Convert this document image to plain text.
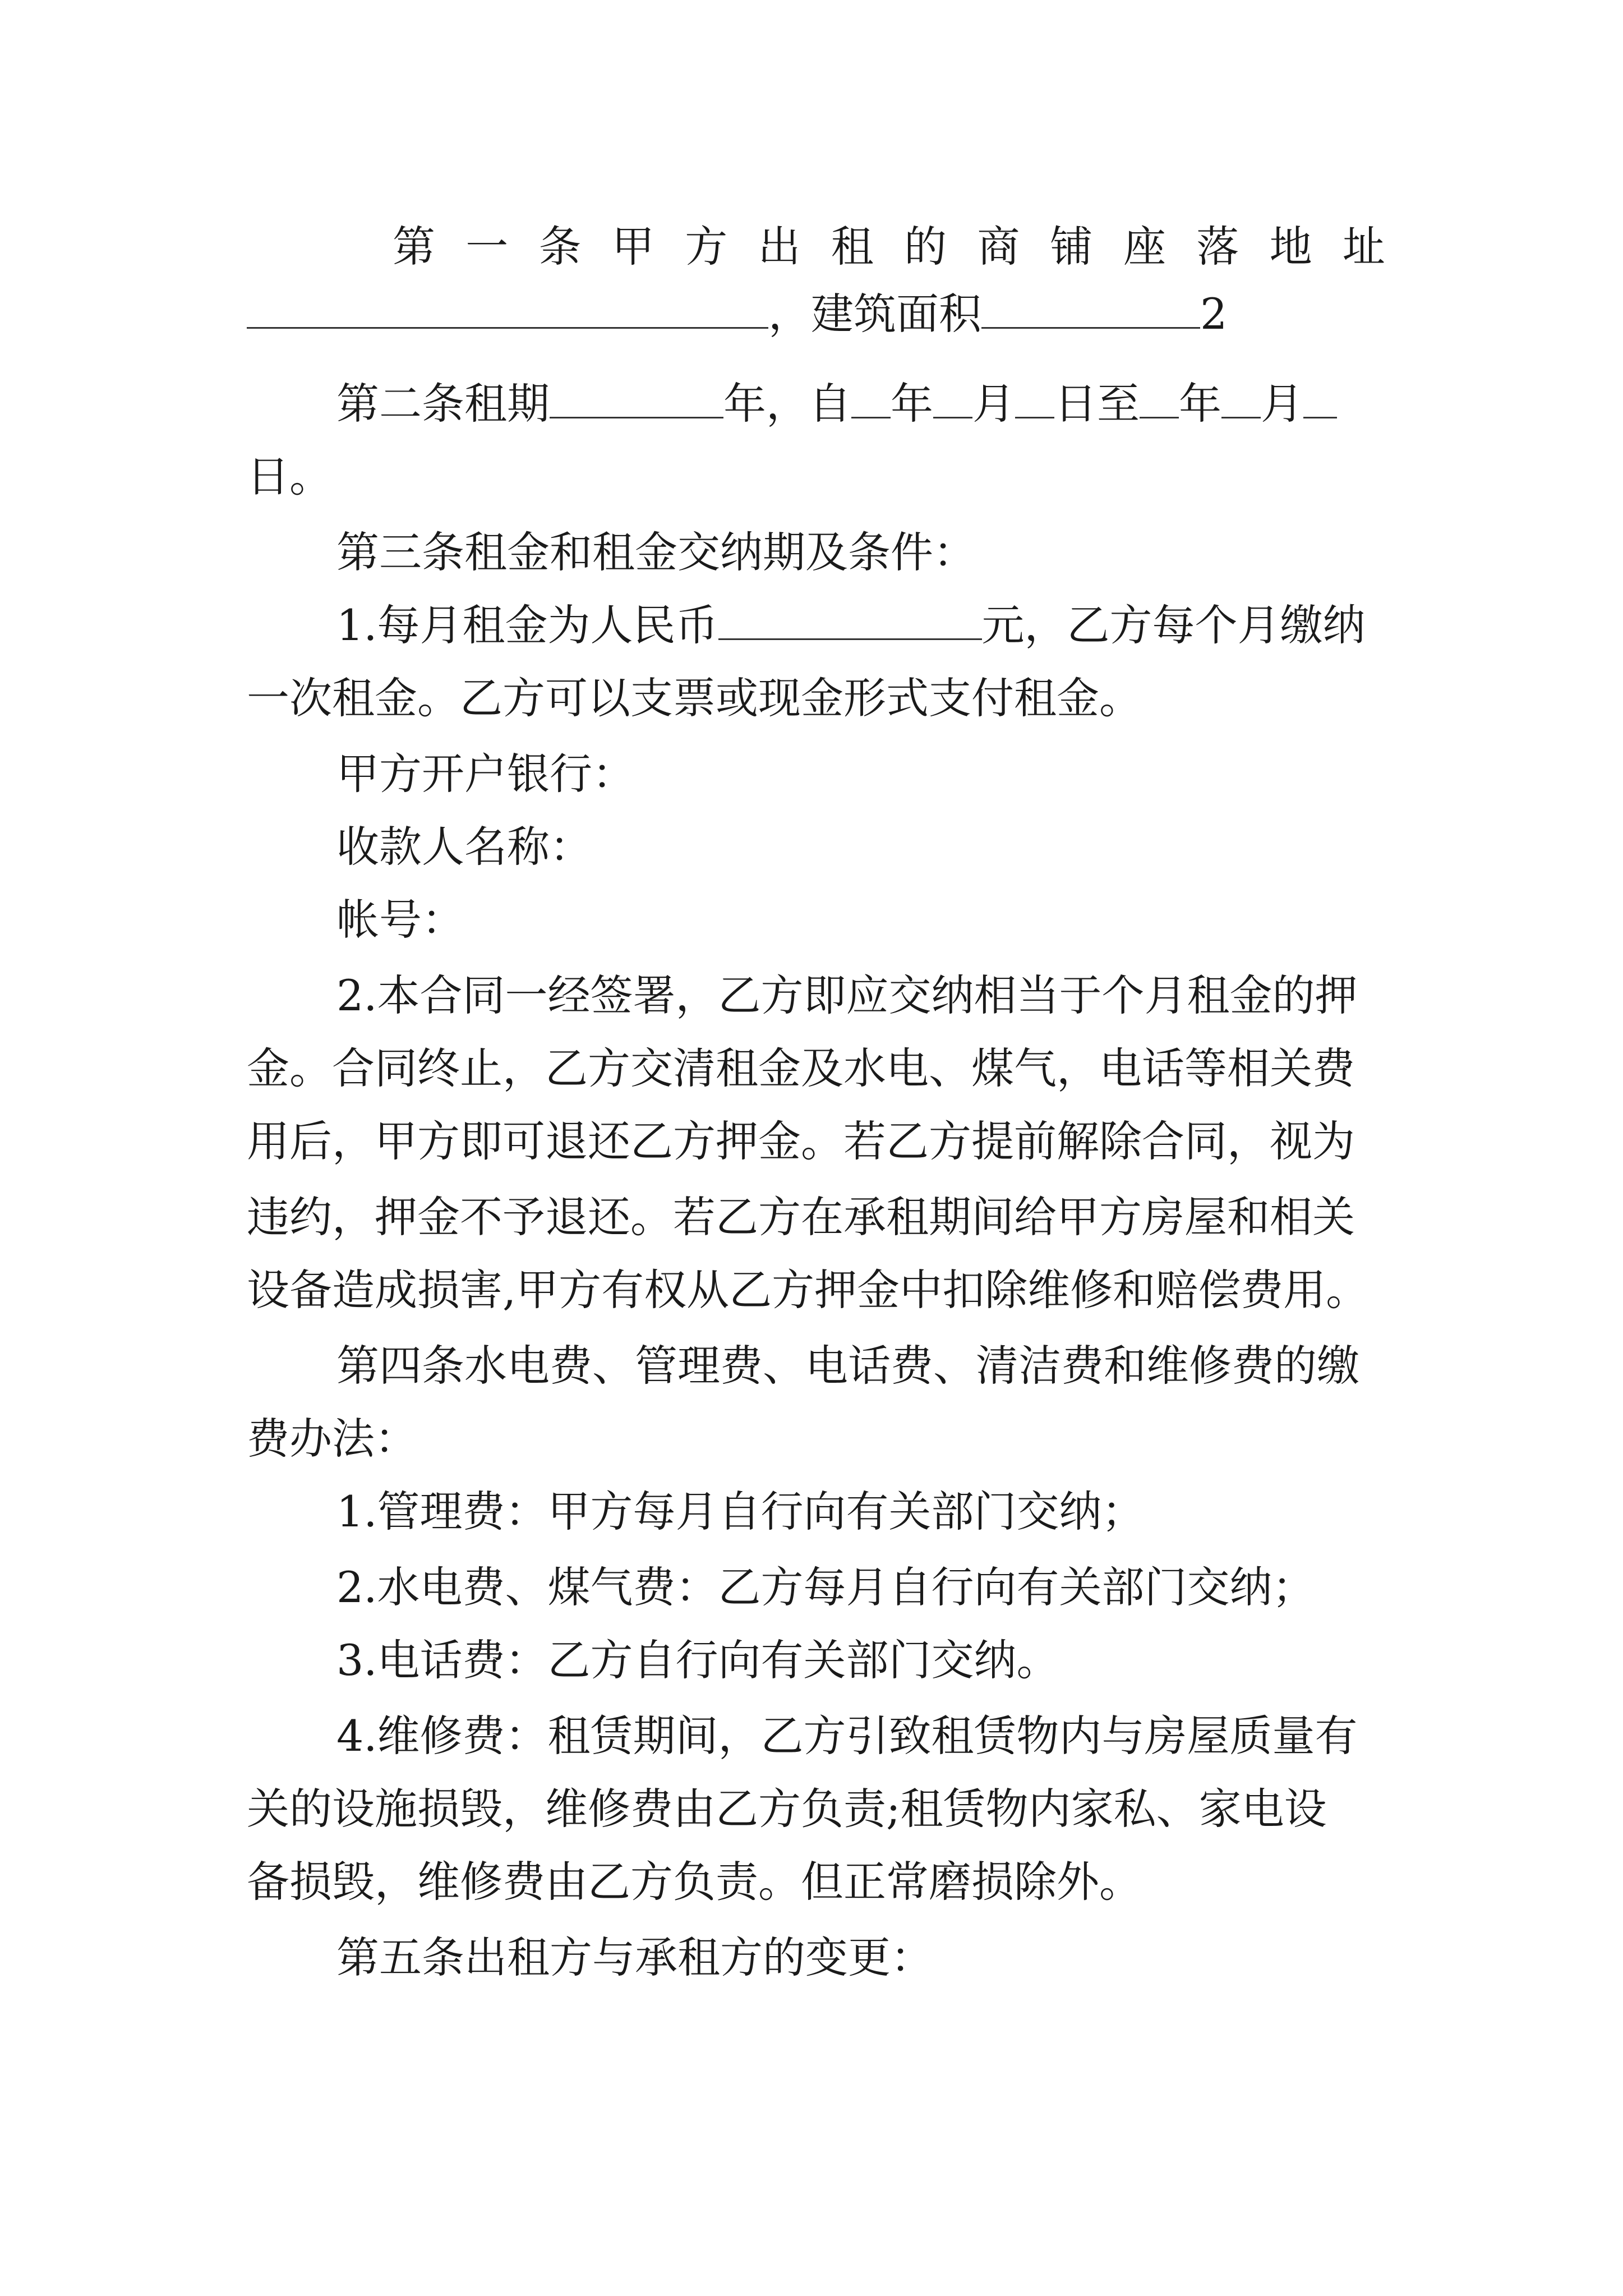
第 一 条 甲 方 出 租 的 商 铺 座 落 地 址
，建筑面积	2
第二条租期	年，自 年 月 日至 年 月
日。
第三条租金和租金交纳期及条件：
1.每月租金为人民币	元，乙方每个月缴纳
一次租金。乙方可以支票或现金形式支付租金。
甲方开户银行：
收款人名称：
帐号：
2.本合同一经签署，乙方即应交纳相当于个月租金的押
金。合同终止，乙方交清租金及水电、煤气，电话等相关费
用后，甲方即可退还乙方押金。若乙方提前解除合同，视为
违约，押金不予退还。若乙方在承租期间给甲方房屋和相关
设备造成损害,甲方有权从乙方押金中扣除维修和赔偿费用。
第四条水电费、管理费、电话费、清洁费和维修费的缴
费办法：
1.管理费：甲方每月自行向有关部门交纳；
2.水电费、煤气费：乙方每月自行向有关部门交纳；
3.电话费：乙方自行向有关部门交纳。
4.维修费：租赁期间，乙方引致租赁物内与房屋质量有
关的设施损毁，维修费由乙方负责;租赁物内家私、家电设
备损毁，维修费由乙方负责。但正常磨损除外。
第五条出租方与承租方的变更：
